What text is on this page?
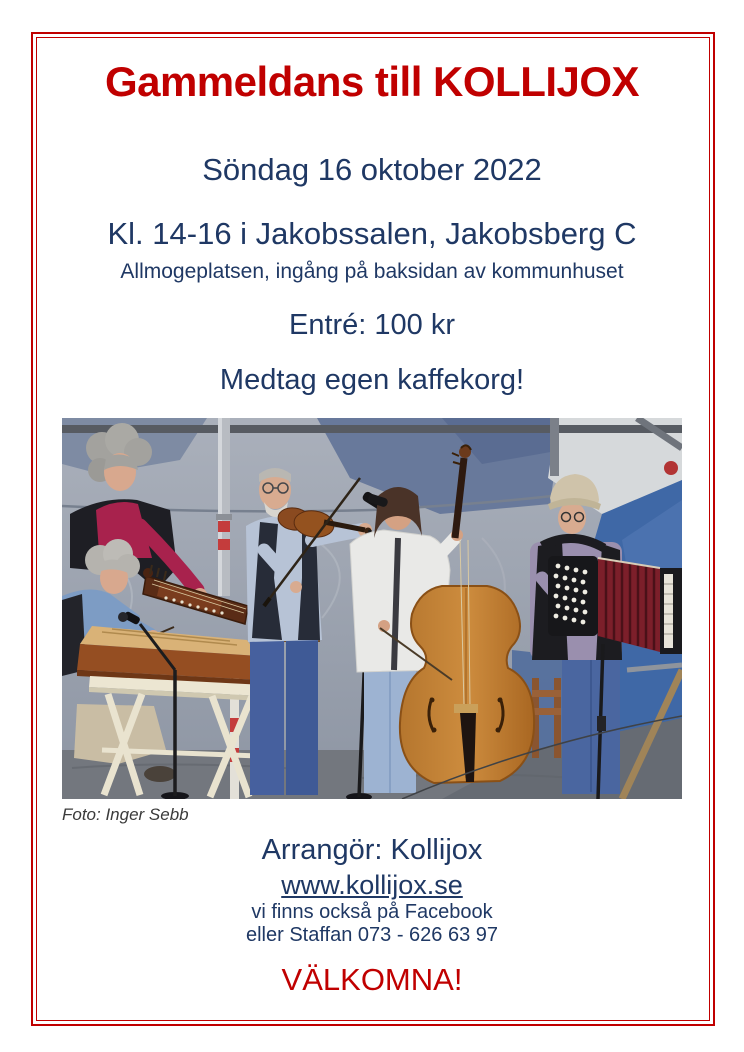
Gammeldans till KOLLIJOX
Söndag 16 oktober 2022
Kl. 14-16 i Jakobssalen, Jakobsberg C
Allmogeplatsen, ingång på baksidan av kommunhuset
Entré: 100 kr
Medtag egen kaffekorg!
Foto: Inger Sebb
Arrangör: Kollijox
www.kollijox.se
vi finns också på Facebook
eller Staffan 073 - 626 63 97
VÄLKOMNA!
